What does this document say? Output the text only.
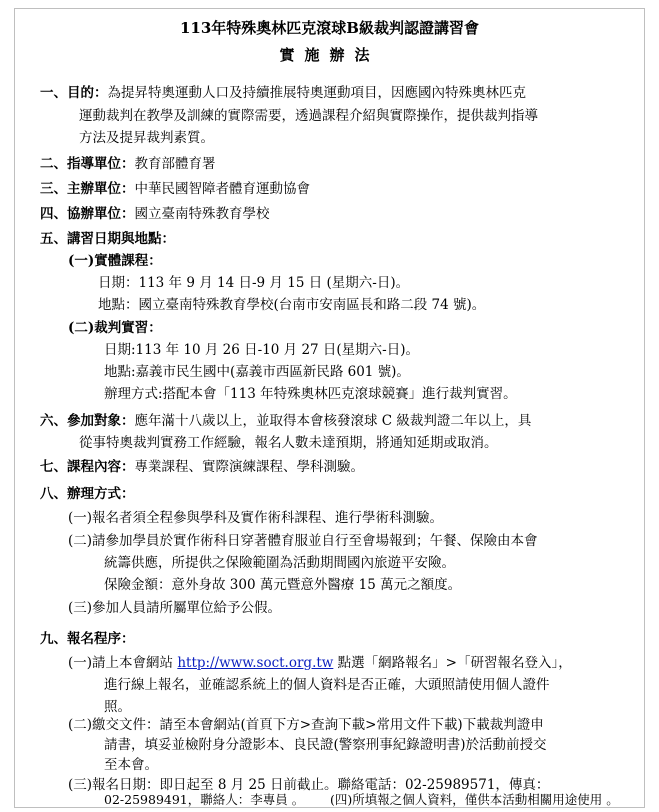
113年特殊奧林匹克滾球B級裁判認證講習會
實施辦法
一、目的：為提昇特奧運動人口及持續推展特奧運動項目，因應國內特殊奧林匹克
運動裁判在教學及訓練的實際需要，透過課程介紹與實際操作，提供裁判指導
方法及提昇裁判素質。
二、指導單位：教育部體育署
三、主辦單位：中華民國智障者體育運動協會
四、協辦單位：國立臺南特殊教育學校
五、講習日期與地點：
(一)實體課程：
日期：113 年 9 月 14 日-9 月 15 日 (星期六-日)。
地點：國立臺南特殊教育學校(台南市安南區長和路二段 74 號)。
(二)裁判實習：
日期:113 年 10 月 26 日-10 月 27 日(星期六-日)。
地點:嘉義市民生國中(嘉義市西區新民路 601 號)。
辦理方式:搭配本會「113 年特殊奧林匹克滾球競賽」進行裁判實習。
六、參加對象：應年滿十八歲以上，並取得本會核發滾球 C 級裁判證二年以上，具
從事特奧裁判實務工作經驗，報名人數未達預期，將通知延期或取消。
七、課程內容：專業課程、實際演練課程、學科測驗。
八、辦理方式：
(一)報名者須全程參與學科及實作術科課程、進行學術科測驗。
(二)請參加學員於實作術科日穿著體育服並自行至會場報到；午餐、保險由本會
統籌供應，所提供之保險範圍為活動期間國內旅遊平安險。
保險金額：意外身故 300 萬元暨意外醫療 15 萬元之額度。
(三)參加人員請所屬單位給予公假。
九、報名程序：
(一)請上本會網站 http://www.soct.org.tw 點選「網路報名」>「研習報名登入」，
進行線上報名，並確認系統上的個人資料是否正確，大頭照請使用個人證件
照。
(二)繳交文件：請至本會網站(首頁下方>查詢下載>常用文件下載)下載裁判證申
請書，填妥並檢附身分證影本、良民證(警察刑事紀錄證明書)於活動前授交
至本會。
(三)報名日期：即日起至 8 月 25 日前截止。聯絡電話：02-25989571，傳真：
02-25989491，聯絡人：李專員 。 (四)所填報之個人資料，僅供本活動相關用途使用 。
